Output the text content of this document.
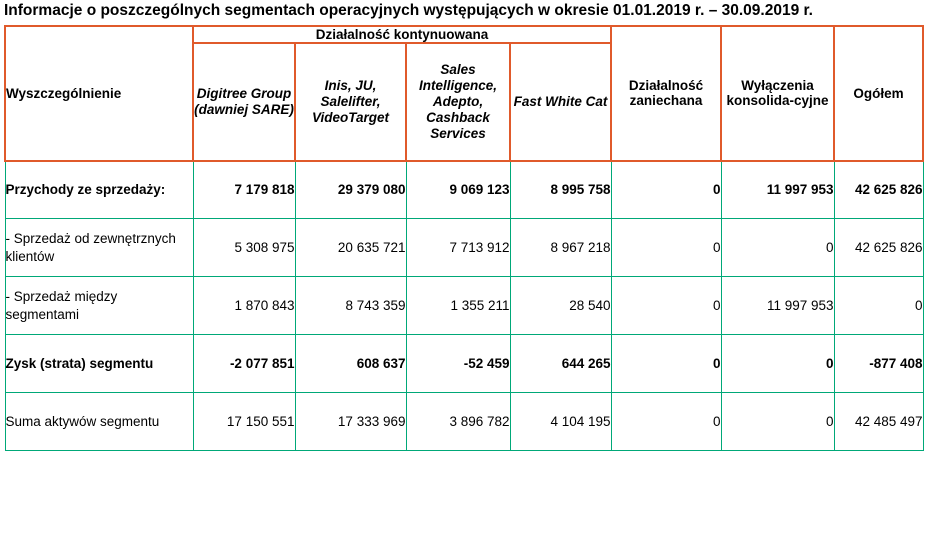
Informacje o poszczególnych segmentach operacyjnych występujących w okresie 01.01.2019 r. – 30.09.2019 r.
Wyszczególnienie	Działalność kontynuowana				Działalność zaniechana	Wyłączenia konsolida-cyjne	Ogółem
	Digitree Group (dawniej SARE)	Inis, JU, Salelifter, VideoTarget	Sales Intelligence, Adepto, Cashback Services	Fast White Cat			
Przychody ze sprzedaży:	7 179 818	29 379 080	9 069 123	8 995 758	0	11 997 953	42 625 826
- Sprzedaż od zewnętrznych klientów	5 308 975	20 635 721	7 713 912	8 967 218	0	0	42 625 826
- Sprzedaż między segmentami	1 870 843	8 743 359	1 355 211	28 540	0	11 997 953	0
Zysk (strata) segmentu	-2 077 851	608 637	-52 459	644 265	0	0	-877 408
Suma aktywów segmentu	17 150 551	17 333 969	3 896 782	4 104 195	0	0	42 485 497
